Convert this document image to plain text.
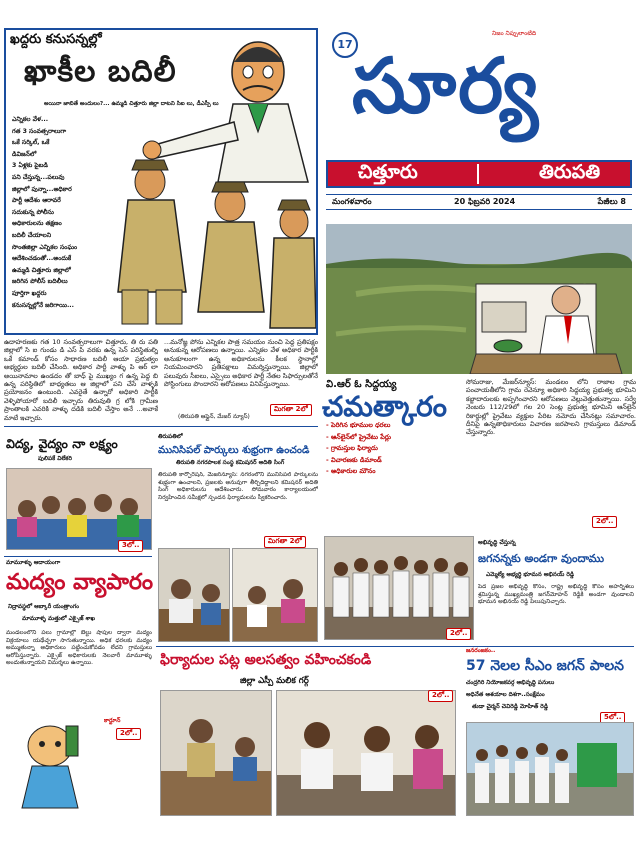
ఖద్దరు కనుసన్నల్లో
ఖాకీల బదిలీ
అయినా జాబితే అందులం?... ఉమ్మడి చిత్తూరు జిల్లా దాటని సిఐ లు, డీఎస్పీ లు
ఎన్నికల వేళ...
గత 3 సంవత్సరాలుగా
ఒకే సర్కిల్, ఒకే
డివిజన్‌లో
3 ఏళ్లకు పైబడి
పని చేస్తున్న...పలువు
జిల్లాలో పున్నా...అధికార
పార్టీ ఆదేశం ఆరావరే
సదుకున్న పోలీసు
అధికారులను తక్షణం
బదిలీ చేయాలని
సొంతజిల్లా ఎన్నికల సంఘం
ఆదేశించడంతో...అందుకే
ఉమ్మడి చిత్తూరు జిల్లాలో
జరిగిన పోలీస్ బదిలీలు
పూర్తిగా ఖద్దరు
కనుసన్నల్లోనే జరిగాయి...
17
నిజం నిప్పులాంటిది
సూర్య
చిత్తూరు	తిరుపతి
మంగళవారం	20 ఫిబ్రవరి 2024	పేజీలు 8
వి.ఆర్ ఓ సిద్దయ్య
చమత్కారం
- పెరిగిన భూముల ధరలు
- ఆన్‌లైన్‌లో ప్రైవేటు పేర్లు
- గ్రామస్తుల ఫిర్యాదు
- విచారణకు డిమాండ్
- అధికారుల మౌనం
సోమరాజు, మేజర్‌న్యూస్: మండలం లోని రాజాల గ్రామ పంచాయతీలోని గ్రామ రెవెన్యూ అధికారి సిద్దయ్య ప్రభుత్వ భూమిని కబ్జాదారులకు అప్పగించారని ఆరోపణలు వెల్లువెత్తుతున్నాయి. సర్వే నెంబరు 112/29లో గల 20 సెంట్ల ప్రభుత్వ భూమిని ఆన్‌లైన్ రికార్డుల్లో ప్రైవేటు వ్యక్తుల పేరిట నమోదు చేసినట్లు సమాచారం. దీనిపై ఉన్నతాధికారులు విచారణ జరపాలని గ్రామస్తులు డిమాండ్ చేస్తున్నారు.
2లో..
ఉదాహరణకు గత 10 సంవత్సరాలుగా చిత్తూరు, తి రు పతి జిల్లాలో సి ఐ గుండు డి ఎస్ పి వరకు ఉన్న సెన్ పరిస్థితుల్ని ఒకే కమాండ్ కోసం సాధారణ బదిలీ ఆయా ప్రభుత్వం అభ్యర్థుల బదిలీ చేసింది. అధికార పార్టీ వాళ్ళు పి ఆర్ లా అయినామాల ఉండదం తో బాధ్ పై ముఖ్యం గ ఉన్న పెద్ద బి ఉన్న పరిస్థితిలో బాధ్యతలు ఆ జిల్లాలో పని చేసే వాళ్ళకి ప్రయోజనం ఉంటుంది. ఎవరైతే ఉన్నారో అధికారి పార్టీకి వెళ్ళిపోయారో బదిలీ ఇచ్చారు తిరువుతి గ్ర లోకి గ్రామీణ ప్రాంతాలకి ఎవరికి వాళ్ళు దడికి బదిలీ చేస్తాం అనే ...అవాకే మాటే ఇచ్చారు.
...మనోజ్ఞ పోను ఎన్నికల పాత్ర సమయం నుంచి పెద్ద ప్రతిపక్షం అనుకున్న ఆరోపణలు ఉన్నాయి. ఎన్నికల వేళ అధికార పార్టీకి అనుకూలంగా ఉన్న అధికారులను కీలక స్థానాల్లో నియమించారని ప్రతిపక్షాలు విమర్శిస్తున్నాయి. జిల్లాలో పలువురు సీఐలు, ఎస్సైలు అధికార పార్టీ నేతల సిఫార్సులతోనే పోస్టింగులు పొందారని ఆరోపణలు వినిపిస్తున్నాయి.
(తిరుపతి ఆఫ్లైన్, మేజర్ న్యూస్)
మిగతా 2లో
విద్య, వైద్యం నా లక్ష్యం
పులిపకే విలేకరి
3లో..
మామూళ్ళు ఆదాయంగా
మద్యం వ్యాపారం
నిద్రావస్థలో ఆబ్కారీ యంత్రాంగం
మామూళ్ళ మత్తులో ఎక్సైజ్ శాఖ
మండలంలోని పలు గ్రామాల్లో బెల్టు షాపుల ద్వారా మద్యం విక్రయాలు యథేచ్ఛగా సాగుతున్నాయి. అధిక ధరలకు మద్యం అమ్ముతున్నా అధికారులు పట్టించుకోవడం లేదని గ్రామస్తులు ఆరోపిస్తున్నారు. ఎక్సైజ్ అధికారులకు నెలవారీ మామూళ్ళు అందుతున్నాయని విమర్శలు ఉన్నాయి.
కార్టూన్
2లో..
తిరుపతిలో
మునిసిపల్ పార్కులు శుభ్రంగా ఉంచండి
తిరుపతి నగరపాలక సంస్థ కమిషనర్ అదితి సింగ్
తిరుపతి కార్పొరేషన్, మేజర్‌న్యూస్: నగరంలోని మునిసిపల్ పార్కులను శుభ్రంగా ఉంచాలని, ప్రజలకు అనువుగా తీర్చిదిద్దాలని కమిషనర్ అదితి సింగ్ అధికారులను ఆదేశించారు. సోమవారం కార్యాలయంలో నిర్వహించిన సమీక్షలో స్పందన ఫిర్యాదులను స్వీకరించారు.
మిగతా 2లో
2లో..
అభివృద్ధి చేస్తున్న
జగనన్నకు అండగా వుందాము
ఎమ్మెల్యే అభ్యర్థి భూమన అభినయ్ రెడ్డి
పేద ప్రజల అభివృద్ధి కోసం, రాష్ట్ర అభివృద్ధి కోసం అహర్నిశలు శ్రమిస్తున్న ముఖ్యమంత్రి జగన్‌మోహన్ రెడ్డికి అండగా వుండాలని భూమన అభినయ్ రెడ్డి పిలుపునిచ్చారు.
ఫిర్యాదుల పట్ల అలసత్వం వహించకండి
జిల్లా ఎస్పీ మలిక గర్గ్
2లో..
జనరంజకం..
57 నెలల సీఎం జగన్ పాలన
చంద్రగిరి నియోజకవర్గ అభివృద్ధి పనులు
అధినేత ఆశయాల దిశగా..సంక్షేమం
తుడా చైర్మన్ చెవిరెడ్డి మోహిత్ రెడ్డి
5లో..
